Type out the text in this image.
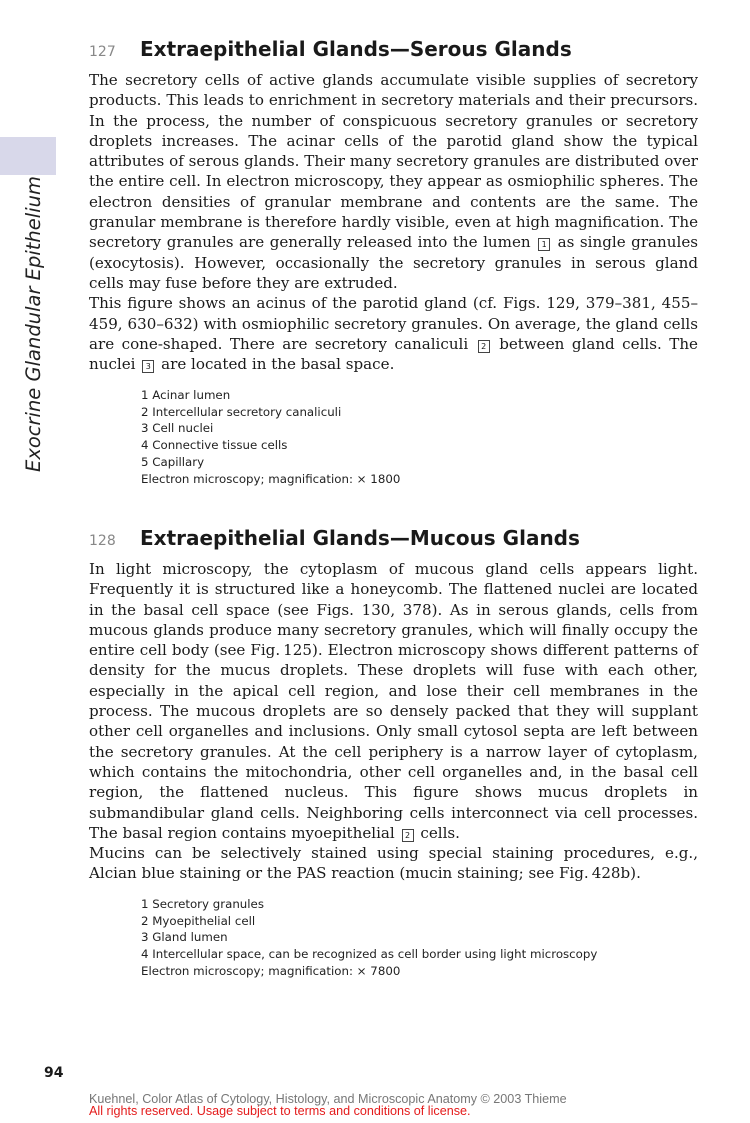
Exocrine Glandular Epithelium
127 Extraepithelial Glands—Serous Glands

The secretory cells of active glands accumulate visible supplies of secretory products. This leads to enrichment in secretory materials and their precursors. In the process, the number of conspicuous secretory granules or secretory droplets increases. The acinar cells of the parotid gland show the typical attributes of serous glands. Their many secretory granules are distributed over the entire cell. In electron microscopy, they appear as osmiophilic spheres. The electron densities of granular membrane and contents are the same. The granular membrane is therefore hardly visible, even at high magnification. The secretory granules are generally released into the lumen 1 as single granules (exocytosis). However, occasionally the secretory granules in serous gland cells may fuse before they are extruded.

This figure shows an acinus of the parotid gland (cf. Figs. 129, 379–381, 455–459, 630–632) with osmiophilic secretory granules. On average, the gland cells are cone-shaped. There are secretory canaliculi 2 between gland cells. The nuclei 3 are located in the basal space.

1 Acinar lumen
2 Intercellular secretory canaliculi
3 Cell nuclei
4 Connective tissue cells
5 Capillary
Electron microscopy; magnification: × 1800
128 Extraepithelial Glands—Mucous Glands

In light microscopy, the cytoplasm of mucous gland cells appears light. Frequently it is structured like a honeycomb. The flattened nuclei are located in the basal cell space (see Figs. 130, 378). As in serous glands, cells from mucous glands produce many secretory granules, which will finally occupy the entire cell body (see Fig. 125). Electron microscopy shows different patterns of density for the mucus droplets. These droplets will fuse with each other, especially in the apical cell region, and lose their cell membranes in the process. The mucous droplets are so densely packed that they will supplant other cell organelles and inclusions. Only small cytosol septa are left between the secretory granules. At the cell periphery is a narrow layer of cytoplasm, which contains the mitochondria, other cell organelles and, in the basal cell region, the flattened nucleus. This figure shows mucus droplets in submandibular gland cells. Neighboring cells interconnect via cell processes. The basal region contains myoepithelial 2 cells.

Mucins can be selectively stained using special staining procedures, e.g., Alcian blue staining or the PAS reaction (mucin staining; see Fig. 428b).

1 Secretory granules
2 Myoepithelial cell
3 Gland lumen
4 Intercellular space, can be recognized as cell border using light microscopy
Electron microscopy; magnification: × 7800
94
Kuehnel, Color Atlas of Cytology, Histology, and Microscopic Anatomy © 2003 Thieme
All rights reserved. Usage subject to terms and conditions of license.
